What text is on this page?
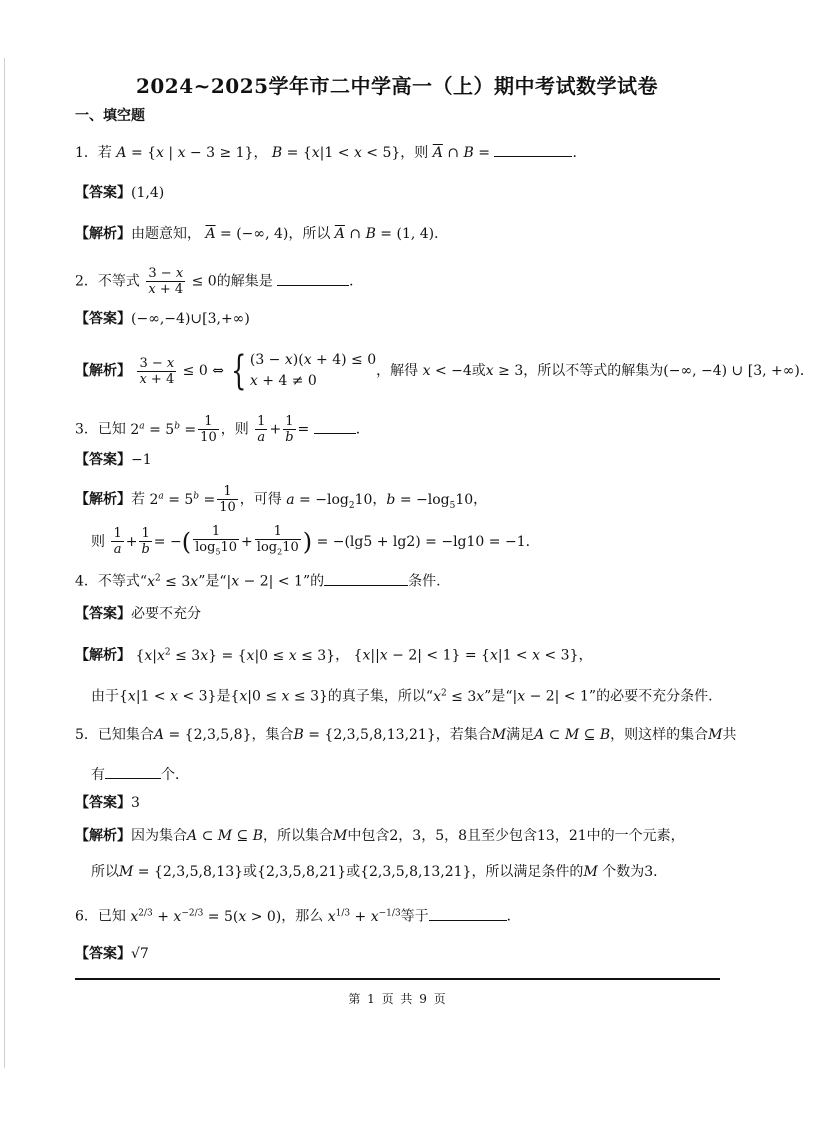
2024~2025学年市二中学高一（上）期中考试数学试卷
一、填空题
1．若 A = {x | x − 3 ≥ 1}， B = {x|1 < x < 5}，则 $\overline{A}$ ∩ B =	．
【答案】(1,4)
【解析】由题意知， $\overline{A}$ = (−∞, 4)，所以 $\overline{A}$ ∩ B = (1, 4)．
2．不等式 $\frac{3 - x}{x + 4} \le 0$的解集是	．
【答案】(−∞,−4)∪[3,+∞)
【解析】 $\frac{3 - x}{x + 4} \le 0$ ⇔ { (3 − x)(x + 4) ≤ 0
x + 4 ≠ 0，解得 x < −4或x ≥ 3，所以不等式的解集为(−∞, −4) ∪ [3, +∞)．
3．已知 $2^a = 5^b = \frac{1}{10}$ ，则 $\frac{1}{a} + \frac{1}{b}$ =	．
【答案】−1
【解析】若 $2^a = 5^b = \frac{1}{10}$ ，可得 $a = -\log_210$，$b = -\log_510$，
则 $\frac{1}{a} + \frac{1}{b}$ = −( $\frac{1}{\log_510} + \frac{1}{\log_210}$ ) = −(lg5 + lg2) = −lg10 = −1．
4．不等式“$x^2 \le 3x$”是“|x − 2| < 1”的	条件.
【答案】必要不充分
【解析】 $\{x|x^2 \le 3x\} = \{x|0 \le x \le 3\}$， {x||x − 2| < 1} = {x|1 < x < 3}，
由于{x|1 < x < 3}是{x|0 ≤ x ≤ 3}的真子集，所以“$x^2 \le 3x$”是“|x − 2| < 1”的必要不充分条件.
5．已知集合A = {2,3,5,8}，集合B = {2,3,5,8,13,21}，若集合M满足A ⊂ M ⊆ B，则这样的集合M共
有	个．
【答案】3
【解析】因为集合A ⊂ M ⊆ B，所以集合M中包含2，3，5，8且至少包含13，21中的一个元素，
所以M = {2,3,5,8,13}或{2,3,5,8,21}或{2,3,5,8,13,21}，所以满足条件的M 个数为3．
6．已知 $x^{2/3} + x^{-2/3} = 5(x > 0)$，那么 $x^{1/3} + x^{-1/3}$等于	．
【答案】√7
第 1 页 共 9 页
